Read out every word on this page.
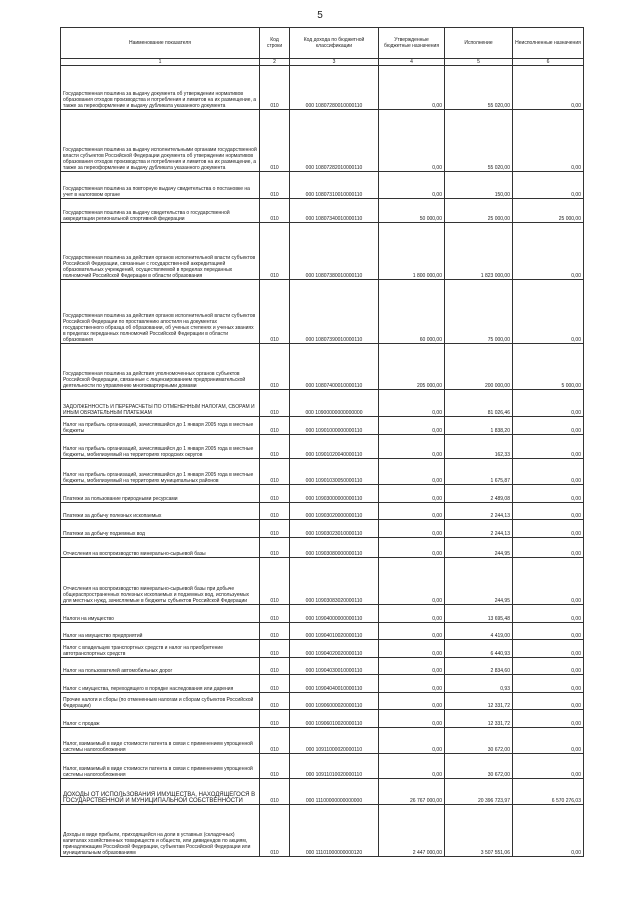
5
Наименование показателя	Код строки	Код дохода по бюджетной классификации	Утвержденные бюджетные назначения	Исполнение	Неисполненные назначения
1	2	3	4	5	6
Государственная пошлина за выдачу документа об утверждении нормативов образования отходов производства и потребления и лимитов на их размещение, а также за переоформление и выдачу дубликата указанного документа	010	000 10807280010000110	0,00	55 020,00	0,00
Государственная пошлина за выдачу исполнительными органами государственной власти субъектов Российской Федерации документа об утверждении нормативов образования отходов производства и потребления и лимитов на их размещение, а также за переоформление и выдачу дубликата указанного документа	010	000 10807282010000110	0,00	55 020,00	0,00
Государственная пошлина за повторную выдачу свидетельства о постановке на учет в налоговом органе	010	000 10807310010000110	0,00	150,00	0,00
Государственная пошлина за выдачу свидетельства о государственной аккредитации региональной спортивной федерации	010	000 10807340010000110	50 000,00	25 000,00	25 000,00
Государственная пошлина за действия органов исполнительной власти субъектов Российской Федерации, связанные с государственной аккредитацией образовательных учреждений, осуществляемой в пределах переданных полномочий Российской Федерации в области образования	010	000 10807380010000110	1 800 000,00	1 823 000,00	0,00
Государственная пошлина за действия органов исполнительной власти субъектов Российской Федерации по проставлению апостиля на документах государственного образца об образовании, об ученых степенях и ученых званиях в пределах переданных полномочий Российской Федерации в области образования	010	000 10807390010000110	60 000,00	75 000,00	0,00
Государственная пошлина за действия уполномоченных органов субъектов Российской Федерации, связанные с лицензированием предпринимательской деятельности по управлению многоквартирными домами	010	000 10807400010000110	205 000,00	200 000,00	5 000,00
ЗАДОЛЖЕННОСТЬ И ПЕРЕРАСЧЕТЫ ПО ОТМЕНЕННЫМ НАЛОГАМ, СБОРАМ И ИНЫМ ОБЯЗАТЕЛЬНЫМ ПЛАТЕЖАМ	010	000 10900000000000000	0,00	81 026,46	0,00
Налог на прибыль организаций, зачислявшийся до 1 января 2005 года в местные бюджеты	010	000 10901000000000110	0,00	1 838,20	0,00
Налог на прибыль организаций, зачислявшийся до 1 января 2005 года в местные бюджеты, мобилизуемый на территориях городских округов	010	000 10901020040000110	0,00	162,33	0,00
Налог на прибыль организаций, зачислявшийся до 1 января 2005 года в местные бюджеты, мобилизуемый на территориях муниципальных районов	010	000 10901030050000110	0,00	1 675,87	0,00
Платежи за пользование природными ресурсами	010	000 10903000000000110	0,00	2 489,08	0,00
Платежи за добычу полезных ископаемых	010	000 10903020000000110	0,00	2 244,13	0,00
Платежи за добычу подземных вод	010	000 10903023010000110	0,00	2 244,13	0,00
Отчисления на воспроизводство минерально-сырьевой базы	010	000 10903080000000110	0,00	244,95	0,00
Отчисления на воспроизводство минерально-сырьевой базы при добыче общераспространенных полезных ископаемых и подземных вод, используемых для местных нужд, зачисляемые в бюджеты субъектов Российской Федерации	010	000 10903083020000110	0,00	244,95	0,00
Налоги на имущество	010	000 10904000000000110	0,00	13 695,48	0,00
Налог на имущество предприятий	010	000 10904010020000110	0,00	4 419,00	0,00
Налог с владельцев транспортных средств и налог на приобретение автотранспортных средств	010	000 10904020020000110	0,00	6 440,93	0,00
Налог на пользователей автомобильных дорог	010	000 10904030010000110	0,00	2 834,60	0,00
Налог с имущества, переходящего в порядке наследования или дарения	010	000 10904040010000110	0,00	0,93	0,00
Прочие налоги и сборы (по отмененным налогам и сборам субъектов Российской Федерации)	010	000 10906000020000110	0,00	12 331,72	0,00
Налог с продаж	010	000 10906010020000110	0,00	12 331,72	0,00
Налог, взимаемый в виде стоимости патента в связи с применением упрощенной системы налогообложения	010	000 10911000020000110	0,00	30 672,00	0,00
Налог, взимаемый в виде стоимости патента в связи с применением упрощенной системы налогообложения	010	000 10911010020000110	0,00	30 672,00	0,00
ДОХОДЫ ОТ ИСПОЛЬЗОВАНИЯ ИМУЩЕСТВА, НАХОДЯЩЕГОСЯ В ГОСУДАРСТВЕННОЙ И МУНИЦИПАЛЬНОЙ СОБСТВЕННОСТИ	010	000 11100000000000000	26 767 000,00	20 396 723,97	6 570 276,03
Доходы в виде прибыли, приходящейся на доли в уставных (складочных) капиталах хозяйственных товариществ и обществ, или дивидендов по акциям, принадлежащим Российской Федерации, субъектам Российской Федерации или муниципальным образованиям	010	000 11101000000000120	2 447 000,00	3 507 551,06	0,00
